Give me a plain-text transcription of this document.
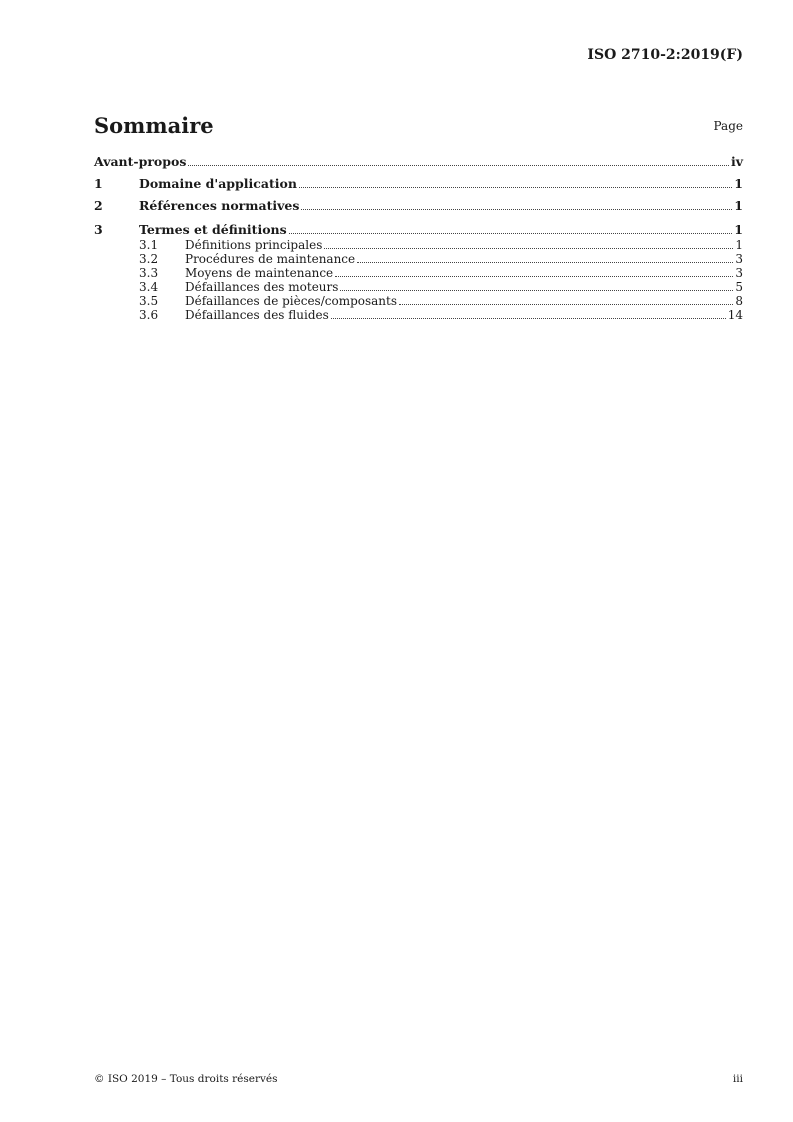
ISO 2710-2:2019(F)
Sommaire	Page
Avant-propos	iv
1	Domaine d'application	1
2	Références normatives	1
3	Termes et définitions	1
3.1	Définitions principales	1
3.2	Procédures de maintenance	3
3.3	Moyens de maintenance	3
3.4	Défaillances des moteurs	5
3.5	Défaillances de pièces/composants	8
3.6	Défaillances des fluides	14
© ISO 2019 – Tous droits réservés	iii
